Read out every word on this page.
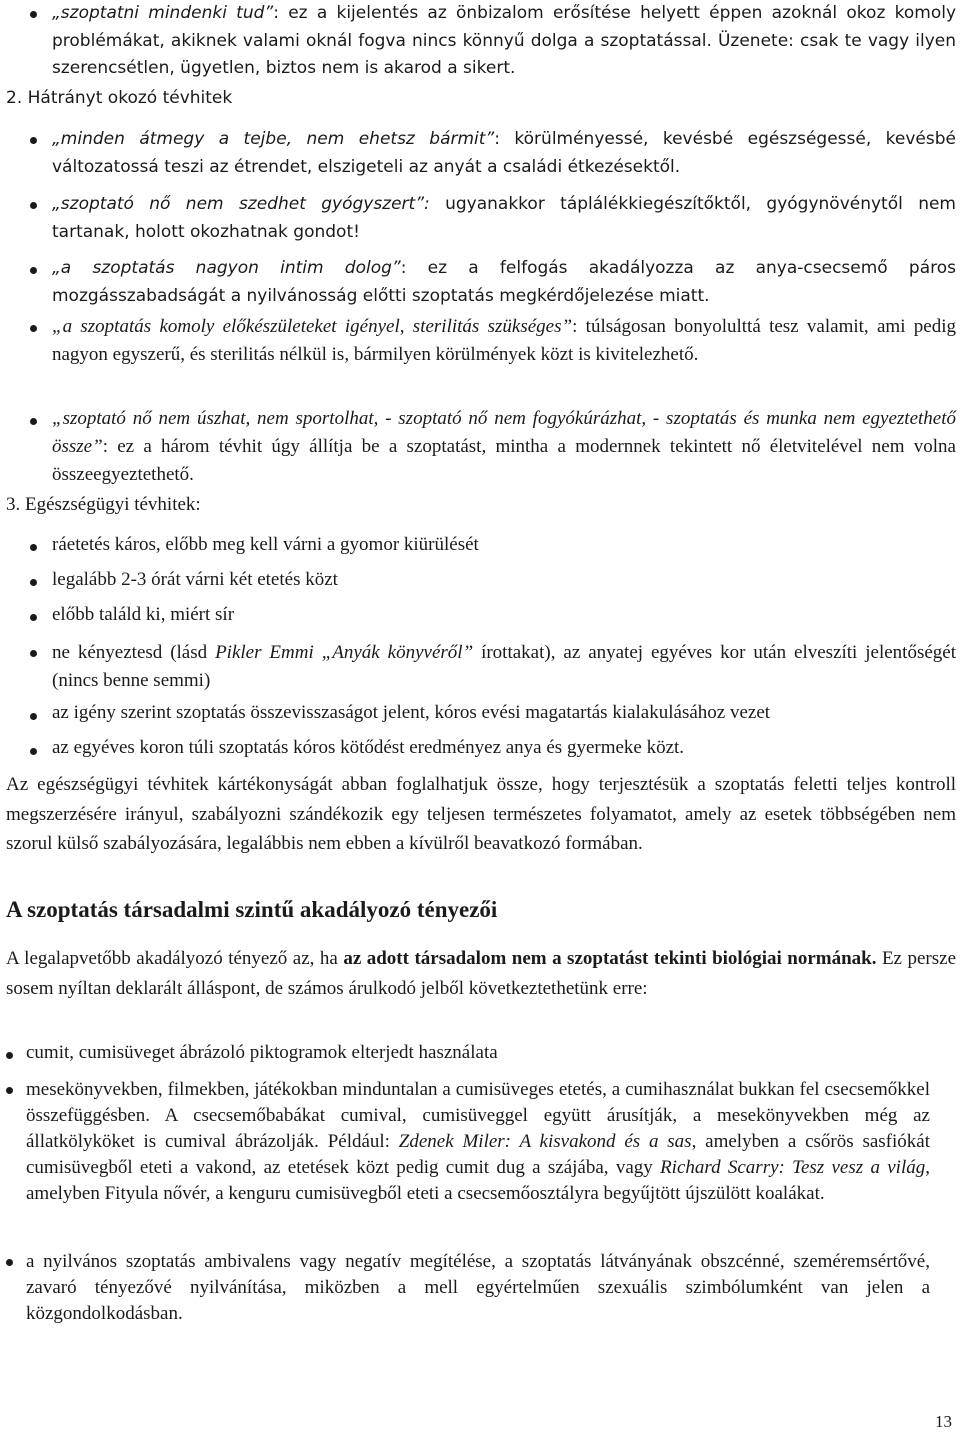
„szoptatni mindenki tud”: ez a kijelentés az önbizalom erősítése helyett éppen azoknál okoz komoly problémákat, akiknek valami oknál fogva nincs könnyű dolga a szoptatással. Üzenete: csak te vagy ilyen szerencsétlen, ügyetlen, biztos nem is akarod a sikert.
2. Hátrányt okozó tévhitek
„minden átmegy a tejbe, nem ehetsz bármit”: körülményessé, kevésbé egészségessé, kevésbé változatossá teszi az étrendet, elszigeteli az anyát a családi étkezésektől.
„szoptató nő nem szedhet gyógyszert”: ugyanakkor táplálékkiegészítőktől, gyógynövénytől nem tartanak, holott okozhatnak gondot!
„a szoptatás nagyon intim dolog”: ez a felfogás akadályozza az anya-csecsemő páros mozgásszabadságát a nyilvánosság előtti szoptatás megkérdőjelezése miatt.
„a szoptatás komoly előkészületeket igényel, sterilitás szükséges”: túlságosan bonyolulttá tesz valamit, ami pedig nagyon egyszerű, és sterilitás nélkül is, bármilyen körülmények közt is kivitelezhető.
„szoptató nő nem úszhat, nem sportolhat, - szoptató nő nem fogyókúrázhat, - szoptatás és munka nem egyeztethető össze”: ez a három tévhit úgy állítja be a szoptatást, mintha a modernnek tekintett nő életvitelével nem volna összeegyeztethető.
3. Egészségügyi tévhitek:
ráetetés káros, előbb meg kell várni a gyomor kiürülését
legalább 2-3 órát várni két etetés közt
előbb találd ki, miért sír
ne kényeztesd (lásd Pikler Emmi „Anyák könyvéről” írottakat), az anyatej egyéves kor után elveszíti jelentőségét (nincs benne semmi)
az igény szerint szoptatás összevisszaságot jelent, kóros evési magatartás kialakulásához vezet
az egyéves koron túli szoptatás kóros kötődést eredményez anya és gyermeke közt.
Az egészségügyi tévhitek kártékonyságát abban foglalhatjuk össze, hogy terjesztésük a szoptatás feletti teljes kontroll megszerzésére irányul, szabályozni szándékozik egy teljesen természetes folyamatot, amely az esetek többségében nem szorul külső szabályozására, legalábbis nem ebben a kívülről beavatkozó formában.
A szoptatás társadalmi szintű akadályozó tényezői
A legalapvetőbb akadályozó tényező az, ha az adott társadalom nem a szoptatást tekinti biológiai normának. Ez persze sosem nyíltan deklarált álláspont, de számos árulkodó jelből következtethetünk erre:
cumit, cumisüveget ábrázoló piktogramok elterjedt használata
mesekönyvekben, filmekben, játékokban minduntalan a cumisüveges etetés, a cumihasználat bukkan fel csecsemőkkel összefüggésben. A csecsemőbabákat cumival, cumisüveggel együtt árusítják, a mesekönyvekben még az állatkölyköket is cumival ábrázolják. Például: Zdenek Miler: A kisvakond és a sas, amelyben a csőrös sasfiókát cumisüvegből eteti a vakond, az etetések közt pedig cumit dug a szájába, vagy Richard Scarry: Tesz vesz a világ, amelyben Fityula nővér, a kenguru cumisüvegből eteti a csecsemőosztályra begyűjtött újszülött koalákat.
a nyilvános szoptatás ambivalens vagy negatív megítélése, a szoptatás látványának obszcénné, szeméremsértővé, zavaró tényezővé nyilvánítása, miközben a mell egyértelműen szexuális szimbólumként van jelen a közgondolkodásban.
13
